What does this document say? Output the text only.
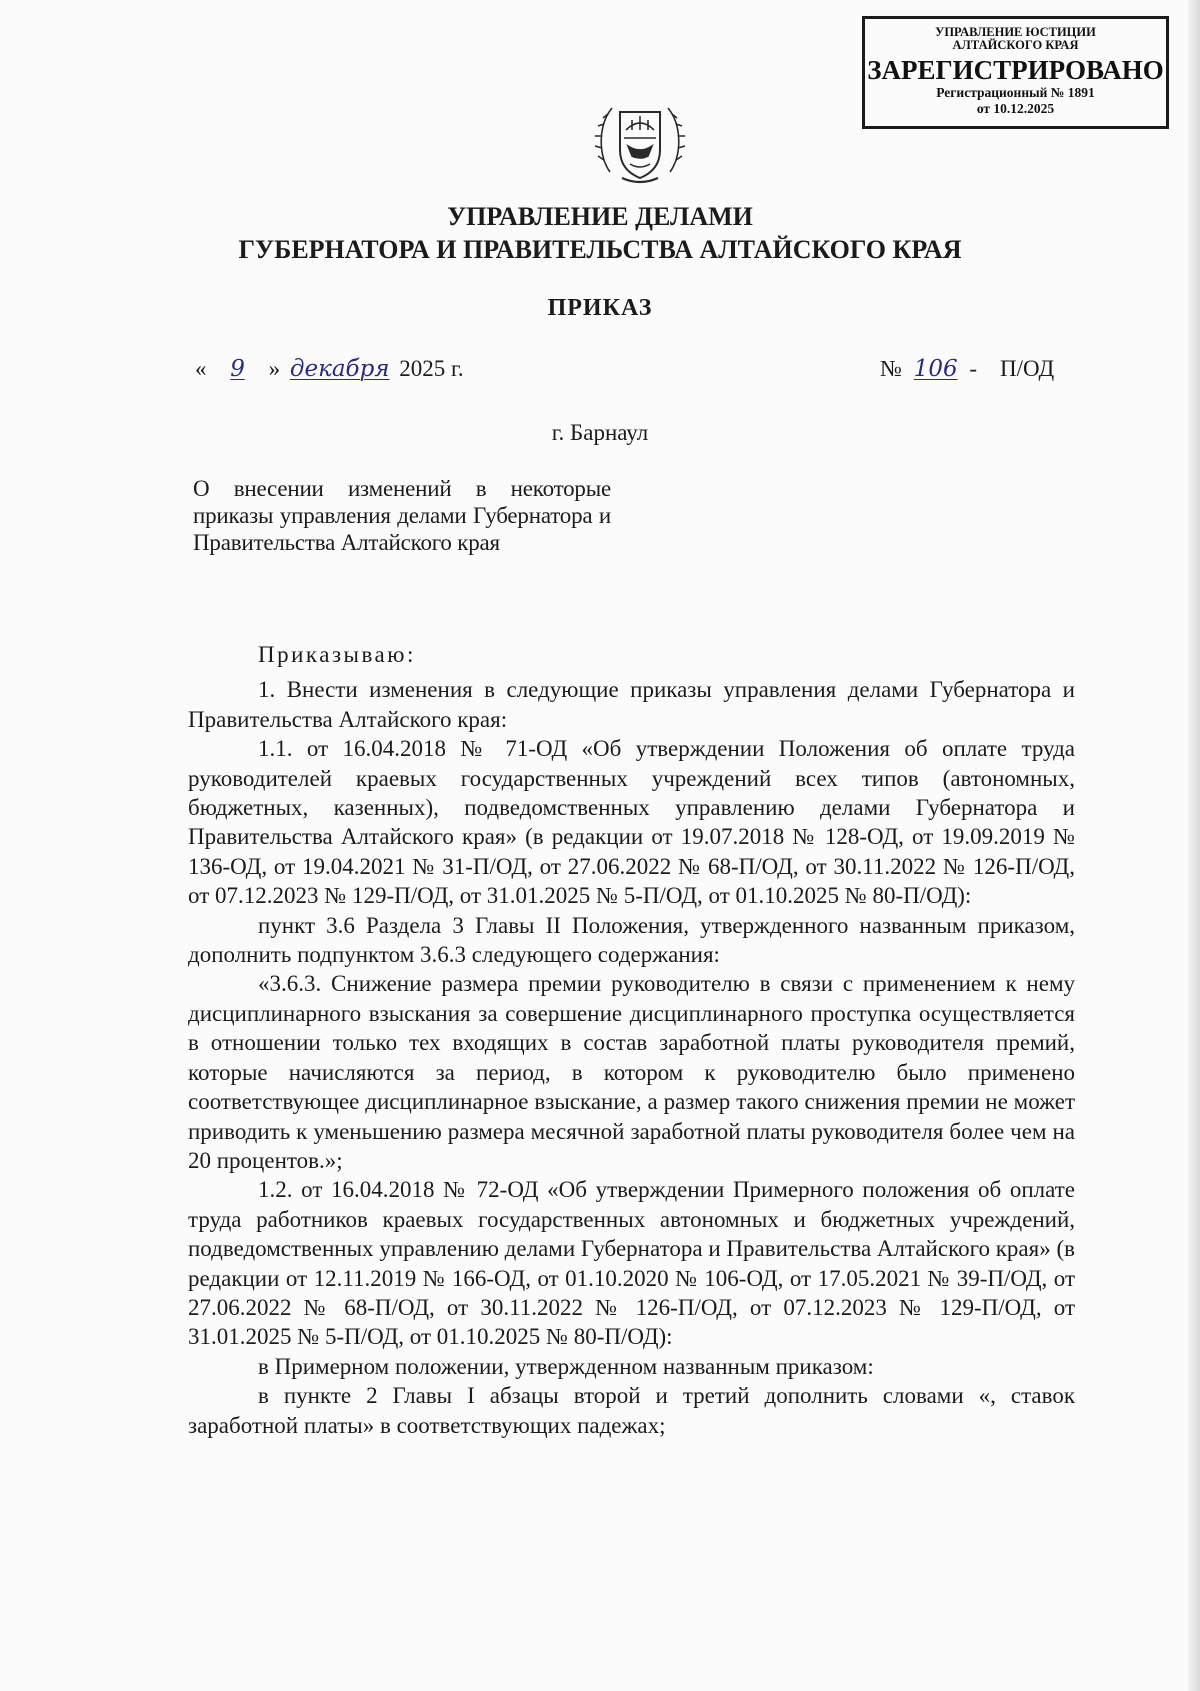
УПРАВЛЕНИЕ ЮСТИЦИИ
АЛТАЙСКОГО КРАЯ
ЗАРЕГИСТРИРОВАНО
Регистрационный № 1891
от 10.12.2025
УПРАВЛЕНИЕ ДЕЛАМИ
ГУБЕРНАТОРА И ПРАВИТЕЛЬСТВА АЛТАЙСКОГО КРАЯ
ПРИКАЗ
« 9 » декабря 2025 г.	№ 106 -    П/ОД
г. Барнаул
О внесении изменений в некоторые приказы управления делами Губернатора и Правительства Алтайского края

Приказываю:

1. Внести изменения в следующие приказы управления делами Губернатора и Правительства Алтайского края:

1.1. от 16.04.2018 № 71-ОД «Об утверждении Положения об оплате труда руководителей краевых государственных учреждений всех типов (автономных, бюджетных, казенных), подведомственных управлению делами Губернатора и Правительства Алтайского края» (в редакции от 19.07.2018 № 128-ОД, от 19.09.2019 № 136-ОД, от 19.04.2021 № 31-П/ОД, от 27.06.2022 № 68-П/ОД, от 30.11.2022 № 126-П/ОД, от 07.12.2023 № 129-П/ОД, от 31.01.2025 № 5-П/ОД, от 01.10.2025 № 80-П/ОД):

пункт 3.6 Раздела 3 Главы II Положения, утвержденного названным приказом, дополнить подпунктом 3.6.3 следующего содержания:

«3.6.3. Снижение размера премии руководителю в связи с применением к нему дисциплинарного взыскания за совершение дисциплинарного проступка осуществляется в отношении только тех входящих в состав заработной платы руководителя премий, которые начисляются за период, в котором к руководителю было применено соответствующее дисциплинарное взыскание, а размер такого снижения премии не может приводить к уменьшению размера месячной заработной платы руководителя более чем на 20 процентов.»;

1.2. от 16.04.2018 № 72-ОД «Об утверждении Примерного положения об оплате труда работников краевых государственных автономных и бюджетных учреждений, подведомственных управлению делами Губернатора и Правительства Алтайского края» (в редакции от 12.11.2019 № 166-ОД, от 01.10.2020 № 106-ОД, от 17.05.2021 № 39-П/ОД, от 27.06.2022 № 68-П/ОД, от 30.11.2022 № 126-П/ОД, от 07.12.2023 № 129-П/ОД, от 31.01.2025 № 5-П/ОД, от 01.10.2025 № 80-П/ОД):

в Примерном положении, утвержденном названным приказом:

в пункте 2 Главы I абзацы второй и третий дополнить словами «, ставок заработной платы» в соответствующих падежах;
